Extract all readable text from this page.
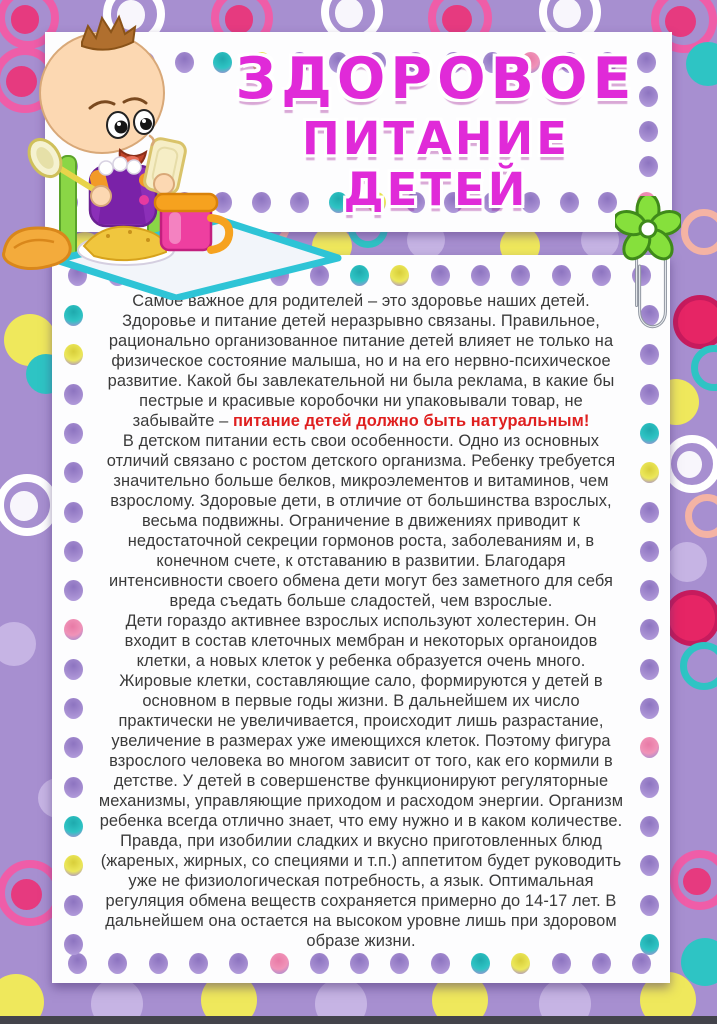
ЗДОРОВОЕ
ПИТАНИЕ ДЕТЕЙ

Самое важное для родителей – это здоровье наших детей. Здоровье и питание детей неразрывно связаны. Правильное, рационально организованное питание детей влияет не только на физическое состояние малыша, но и на его нервно-психическое развитие. Какой бы завлекательной ни была реклама, в какие бы пестрые и красивые коробочки ни упаковывали товар, не забывайте – питание детей должно быть натуральным!

В детском питании есть свои особенности. Одно из основных отличий связано с ростом детского организма. Ребенку требуется значительно больше белков, микроэлементов и витаминов, чем взрослому. Здоровые дети, в отличие от большинства взрослых, весьма подвижны. Ограничение в движениях приводит к недостаточной секреции гормонов роста, заболеваниям и, в конечном счете, к отставанию в развитии. Благодаря интенсивности своего обмена дети могут без заметного для себя вреда съедать больше сладостей, чем взрослые.

Дети гораздо активнее взрослых используют холестерин. Он входит в состав клеточных мембран и некоторых органоидов клетки, а новых клеток у ребенка образуется очень много. Жировые клетки, составляющие сало, формируются у детей в основном в первые годы жизни. В дальнейшем их число практически не увеличивается, происходит лишь разрастание, увеличение в размерах уже имеющихся клеток. Поэтому фигура взрослого человека во многом зависит от того, как его кормили в детстве. У детей в совершенстве функционируют регуляторные механизмы, управляющие приходом и расходом энергии. Организм ребенка всегда отлично знает, что ему нужно и в каком количестве. Правда, при изобилии сладких и вкусно приготовленных блюд (жареных, жирных, со специями и т.п.) аппетитом будет руководить уже не физиологическая потребность, а язык. Оптимальная регуляция обмена веществ сохраняется примерно до 14-17 лет. В дальнейшем она остается на высоком уровне лишь при здоровом образе жизни.
